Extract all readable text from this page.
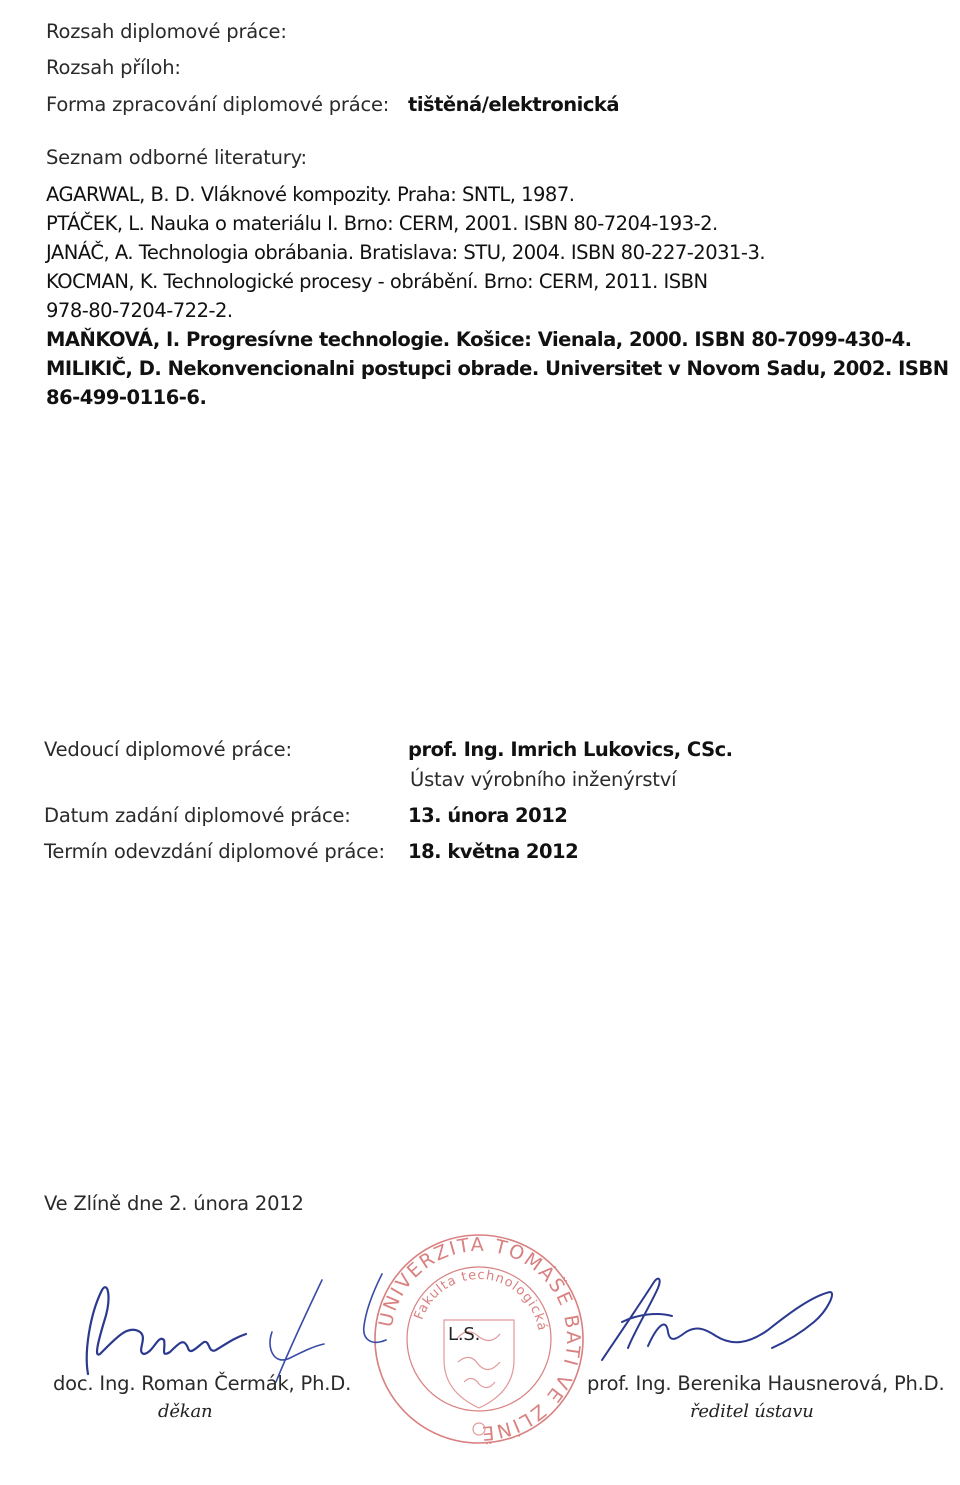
Rozsah diplomové práce:
Rozsah příloh:
Forma zpracování diplomové práce: tištěná/elektronická
Seznam odborné literatury:
AGARWAL, B. D. Vláknové kompozity. Praha: SNTL, 1987.
PTÁČEK, L. Nauka o materiálu I. Brno: CERM, 2001. ISBN 80-7204-193-2.
JANÁČ, A. Technologia obrábania. Bratislava: STU, 2004. ISBN 80-227-2031-3.
KOCMAN, K. Technologické procesy - obrábění. Brno: CERM, 2011. ISBN
978-80-7204-722-2.
MAŇKOVÁ, I. Progresívne technologie. Košice: Vienala, 2000. ISBN 80-7099-430-4.
MILIKIČ, D. Nekonvencionalni postupci obrade. Universitet v Novom Sadu, 2002. ISBN
86-499-0116-6.
Vedoucí diplomové práce:	prof. Ing. Imrich Lukovics, CSc.
Ústav výrobního inženýrství
Datum zadání diplomové práce:	13. února 2012
Termín odevzdání diplomové práce: 18. května 2012
Ve Zlíně dne 2. února 2012
UNIVERZITA TOMÁŠE BATI VE ZLÍNĚ
Fakulta technologická
L.S.
doc. Ing. Roman Čermák, Ph.D.
děkan
prof. Ing. Berenika Hausnerová, Ph.D.
ředitel ústavu
